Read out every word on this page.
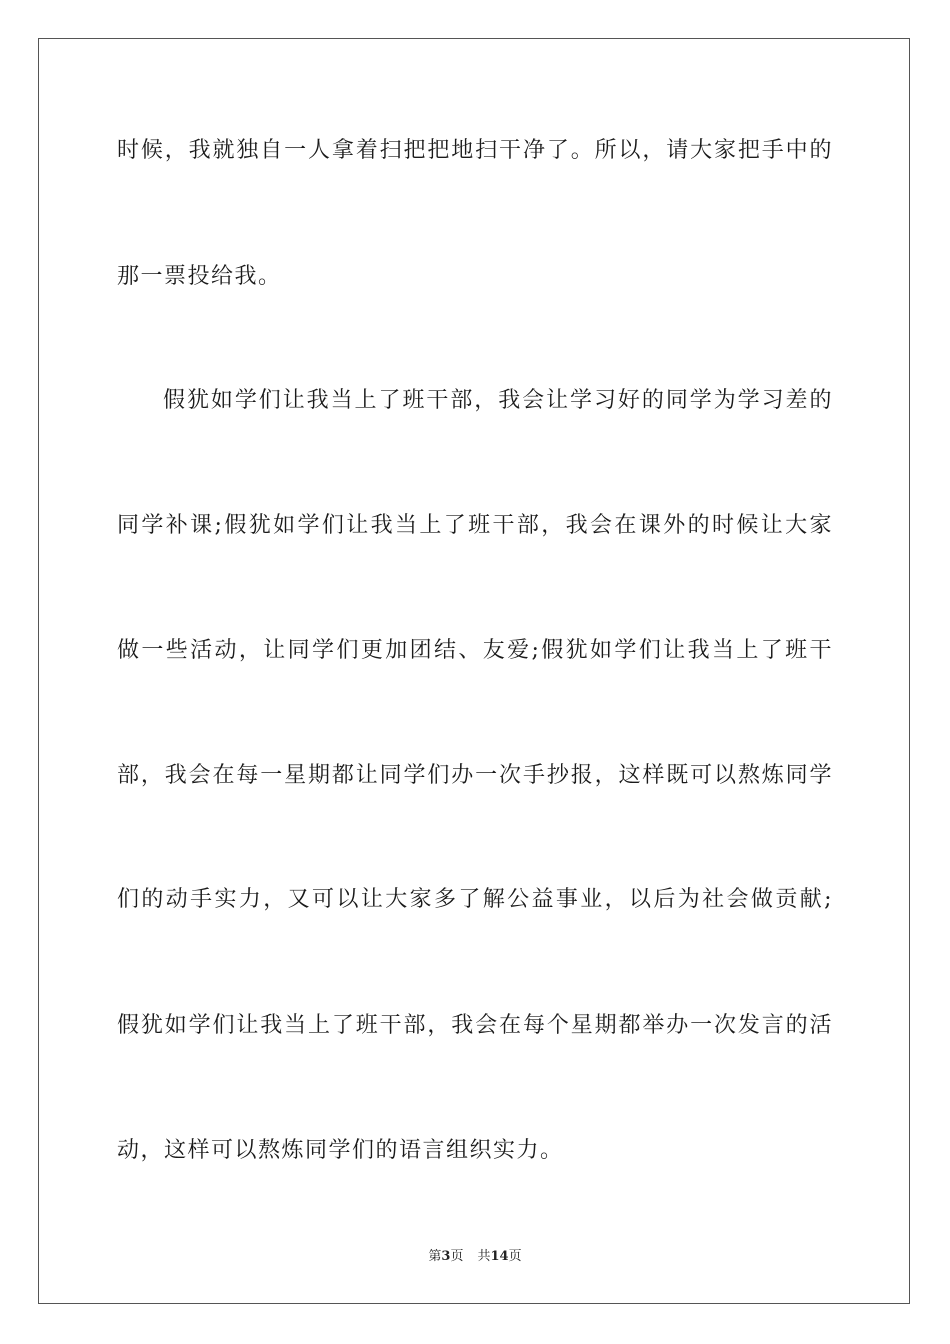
时候，我就独自一人拿着扫把把地扫干净了。所以，请大家把手中的
那一票投给我。
假犹如学们让我当上了班干部，我会让学习好的同学为学习差的
同学补课;假犹如学们让我当上了班干部，我会在课外的时候让大家
做一些活动，让同学们更加团结、友爱;假犹如学们让我当上了班干
部，我会在每一星期都让同学们办一次手抄报，这样既可以熬炼同学
们的动手实力，又可以让大家多了解公益事业，以后为社会做贡献;
假犹如学们让我当上了班干部，我会在每个星期都举办一次发言的活
动，这样可以熬炼同学们的语言组织实力。
第3页 共14页
